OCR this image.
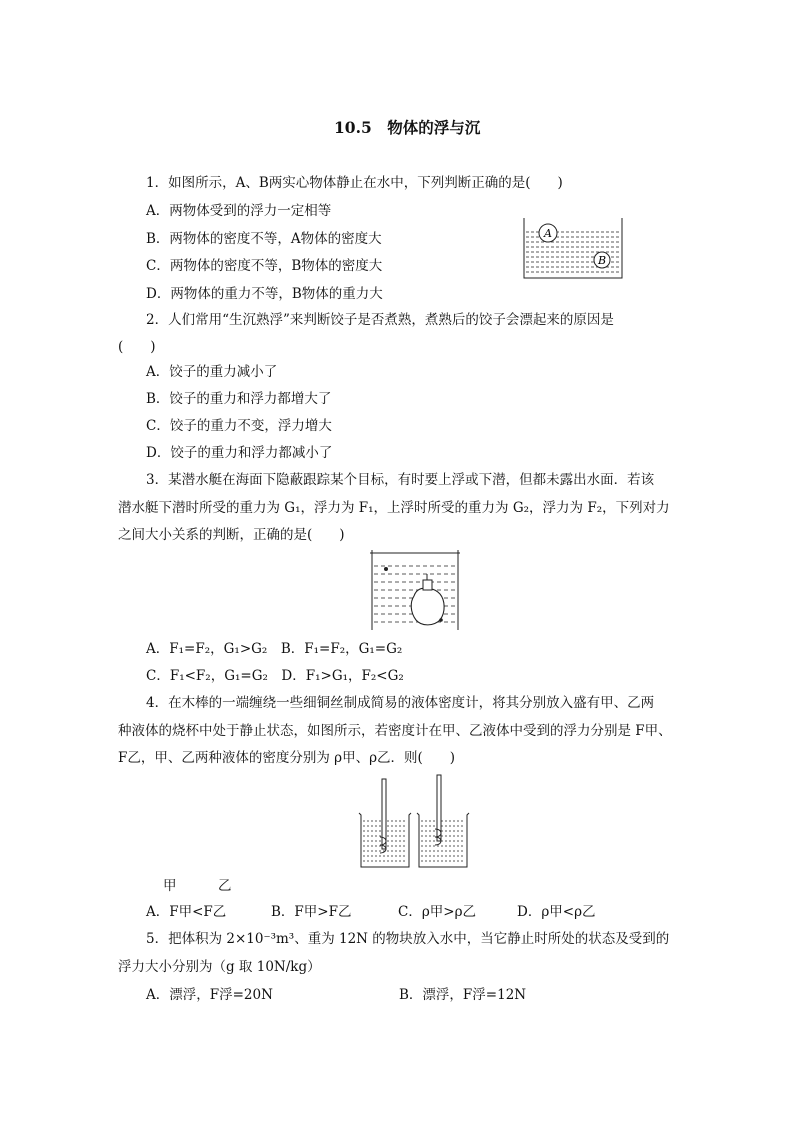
10.5　物体的浮与沉
1．如图所示，A、B两实心物体静止在水中，下列判断正确的是(　　)
A．两物体受到的浮力一定相等
B．两物体的密度不等，A物体的密度大
C．两物体的密度不等，B物体的密度大
D．两物体的重力不等，B物体的重力大
A
B
2．人们常用“生沉熟浮”来判断饺子是否煮熟，煮熟后的饺子会漂起来的原因是
(　　)
A．饺子的重力减小了
B．饺子的重力和浮力都增大了
C．饺子的重力不变，浮力增大
D．饺子的重力和浮力都减小了
3．某潜水艇在海面下隐蔽跟踪某个目标，有时要上浮或下潜，但都未露出水面．若该
潜水艇下潜时所受的重力为 G₁，浮力为 F₁，上浮时所受的重力为 G₂，浮力为 F₂，下列对力
之间大小关系的判断，正确的是(　　)
A．F₁=F₂，G₁>G₂　B．F₁=F₂，G₁=G₂
C．F₁<F₂，G₁=G₂　D．F₁>G₁，F₂<G₂
4．在木棒的一端缠绕一些细铜丝制成简易的液体密度计，将其分别放入盛有甲、乙两
种液体的烧杯中处于静止状态，如图所示，若密度计在甲、乙液体中受到的浮力分别是 F甲、
F乙，甲、乙两种液体的密度分别为 ρ甲、ρ乙．则(　　)
甲	乙
A．F甲<F乙	B．F甲>F乙	C．ρ甲>ρ乙	D．ρ甲<ρ乙
5．把体积为 2×10⁻³m³、重为 12N 的物块放入水中，当它静止时所处的状态及受到的
浮力大小分别为（g 取 10N/kg）
A．漂浮，F浮=20N	B．漂浮，F浮=12N
